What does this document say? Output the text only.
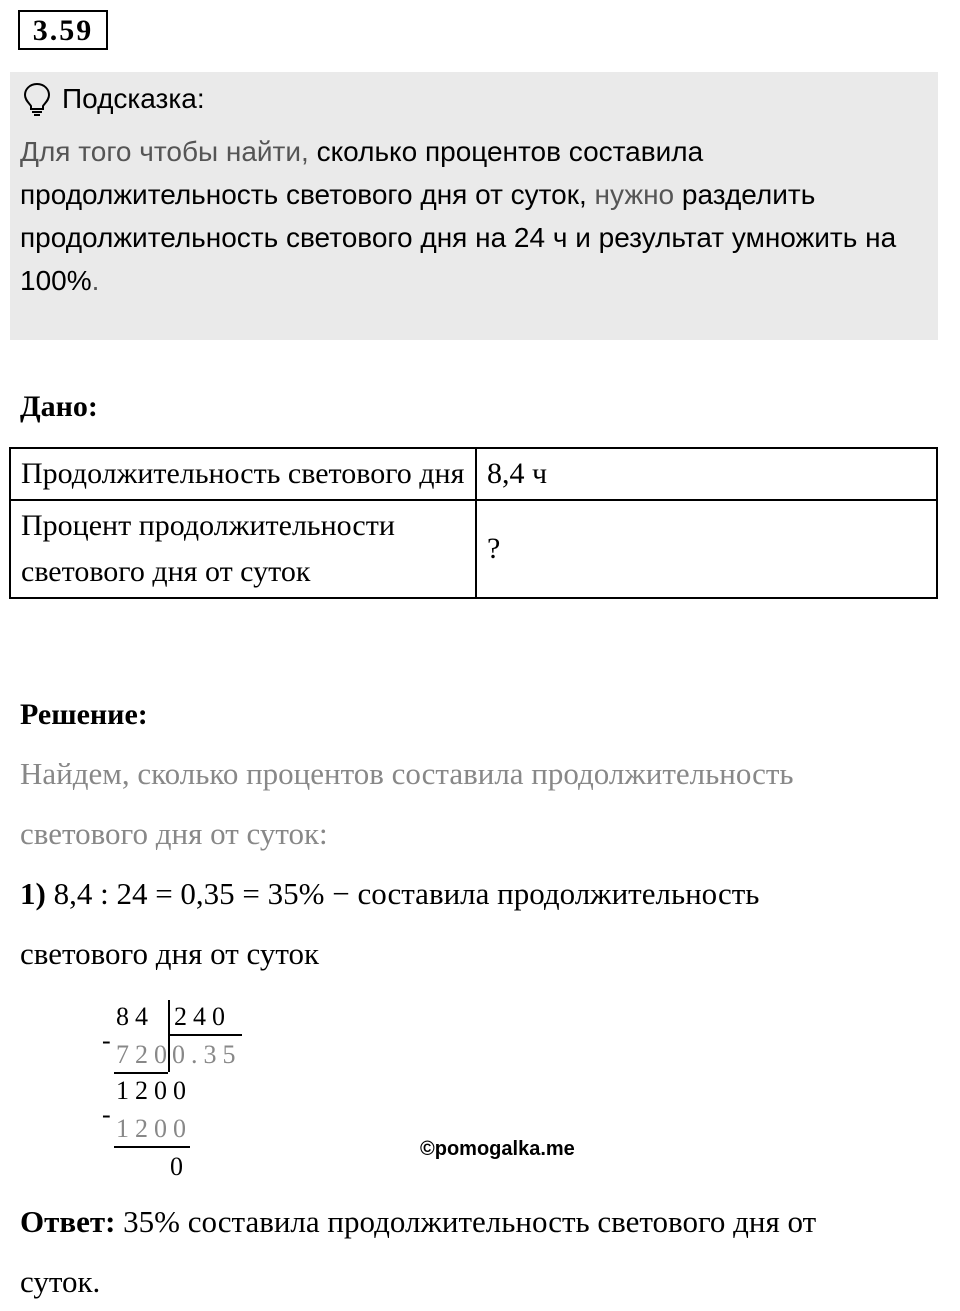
3.59
Подсказка:
Для того чтобы найти, сколько процентов составила продолжительность светового дня от суток, нужно разделить продолжительность светового дня на 24 ч и результат умножить на 100%.
Дано:
Продолжительность светового дня	8,4 ч
Процент продолжительности светового дня от суток	?
Решение:
Найдем, сколько процентов составила продолжительность
светового дня от суток:
1) 8,4 : 24 = 0,35 = 35% − составила продолжительность
светового дня от суток
84 240
- 720 0.35
1200
- 1200
0
©pomogalka.me
Ответ: 35% составила продолжительность светового дня от
суток.
